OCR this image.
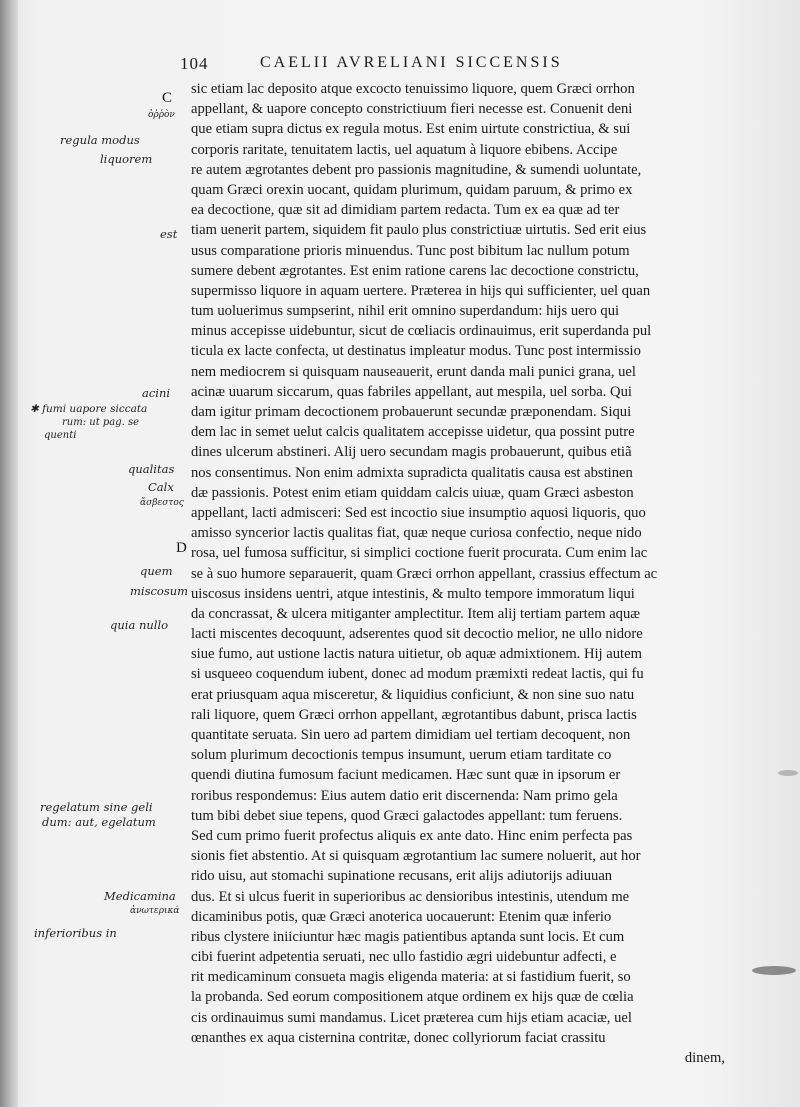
104	CAELII AVRELIANI SICCENSIS
C
ὀῤῥὸν
regula modus
liquorem
est
acini
✱ fumi uapore siccata
rum: ut pag. se
quenti
qualitas
Calx
ἄσβεστος
D
quem
miscosum
quia nullo
regelatum sine geli
dum: aut, egelatum
Medicamina
ἀνωτερικά
inferioribus in
sic etiam lac deposito atque excocto tenuissimo liquore, quem Græci orrhon
appellant, & uapore concepto constrictiuum fieri necesse est. Conuenit deni
que etiam supra dictus ex regula motus. Est enim uirtute constrictiua, & sui
corporis raritate, tenuitatem lactis, uel aquatum à liquore ebibens. Accipe
re autem ægrotantes debent pro passionis magnitudine, & sumendi uoluntate,
quam Græci orexin uocant, quidam plurimum, quidam paruum, & primo ex
ea decoctione, quæ sit ad dimidiam partem redacta. Tum ex ea quæ ad ter
tiam uenerit partem, siquidem fit paulo plus constrictiuæ uirtutis. Sed erit eius
usus comparatione prioris minuendus. Tunc post bibitum lac nullum potum
sumere debent ægrotantes. Est enim ratione carens lac decoctione constrictu,
supermisso liquore in aquam uertere. Præterea in hijs qui sufficienter, uel quan
tum uoluerimus sumpserint, nihil erit omnino superdandum: hijs uero qui
minus accepisse uidebuntur, sicut de cœliacis ordinauimus, erit superdanda pul
ticula ex lacte confecta, ut destinatus impleatur modus. Tunc post intermissio
nem mediocrem si quisquam nauseauerit, erunt danda mali punici grana, uel
acinæ uuarum siccarum, quas fabriles appellant, aut mespila, uel sorba. Qui
dam igitur primam decoctionem probauerunt secundæ præponendam. Siqui
dem lac in semet uelut calcis qualitatem accepisse uidetur, qua possint putre
dines ulcerum abstineri. Alij uero secundam magis probauerunt, quibus etiã
nos consentimus. Non enim admixta supradicta qualitatis causa est abstinen
dæ passionis. Potest enim etiam quiddam calcis uiuæ, quam Græci asbeston
appellant, lacti admisceri: Sed est incoctio siue insumptio aquosi liquoris, quo
amisso syncerior lactis qualitas fiat, quæ neque curiosa confectio, neque nido
rosa, uel fumosa sufficitur, si simplici coctione fuerit procurata. Cum enim lac
se à suo humore separauerit, quam Græci orrhon appellant, crassius effectum ac
uiscosus insidens uentri, atque intestinis, & multo tempore immoratum liqui
da concrassat, & ulcera mitiganter amplectitur. Item alij tertiam partem aquæ
lacti miscentes decoquunt, adserentes quod sit decoctio melior, ne ullo nidore
siue fumo, aut ustione lactis natura uitietur, ob aquæ admixtionem. Hij autem
si usqueeo coquendum iubent, donec ad modum præmixti redeat lactis, qui fu
erat priusquam aqua misceretur, & liquidius conficiunt, & non sine suo natu
rali liquore, quem Græci orrhon appellant, ægrotantibus dabunt, prisca lactis
quantitate seruata. Sin uero ad partem dimidiam uel tertiam decoquent, non
solum plurimum decoctionis tempus insumunt, uerum etiam tarditate co
quendi diutina fumosum faciunt medicamen. Hæc sunt quæ in ipsorum er
roribus respondemus: Eius autem datio erit discernenda: Nam primo gela
tum bibi debet siue tepens, quod Græci galactodes appellant: tum feruens.
Sed cum primo fuerit profectus aliquis ex ante dato. Hinc enim perfecta pas
sionis fiet abstentio. At si quisquam ægrotantium lac sumere noluerit, aut hor
rido uisu, aut stomachi supinatione recusans, erit alijs adiutorijs adiuuan
dus. Et si ulcus fuerit in superioribus ac densioribus intestinis, utendum me
dicaminibus potis, quæ Græci anoterica uocauerunt: Etenim quæ inferio
ribus clystere iniiciuntur hæc magis patientibus aptanda sunt locis. Et cum
cibi fuerint adpetentia seruati, nec ullo fastidio ægri uidebuntur adfecti, e
rit medicaminum consueta magis eligenda materia: at si fastidium fuerit, so
la probanda. Sed eorum compositionem atque ordinem ex hijs quæ de cœlia
cis ordinauimus sumi mandamus. Licet præterea cum hijs etiam acaciæ, uel
œnanthes ex aqua cisternina contritæ, donec collyriorum faciat crassitu
dinem,
